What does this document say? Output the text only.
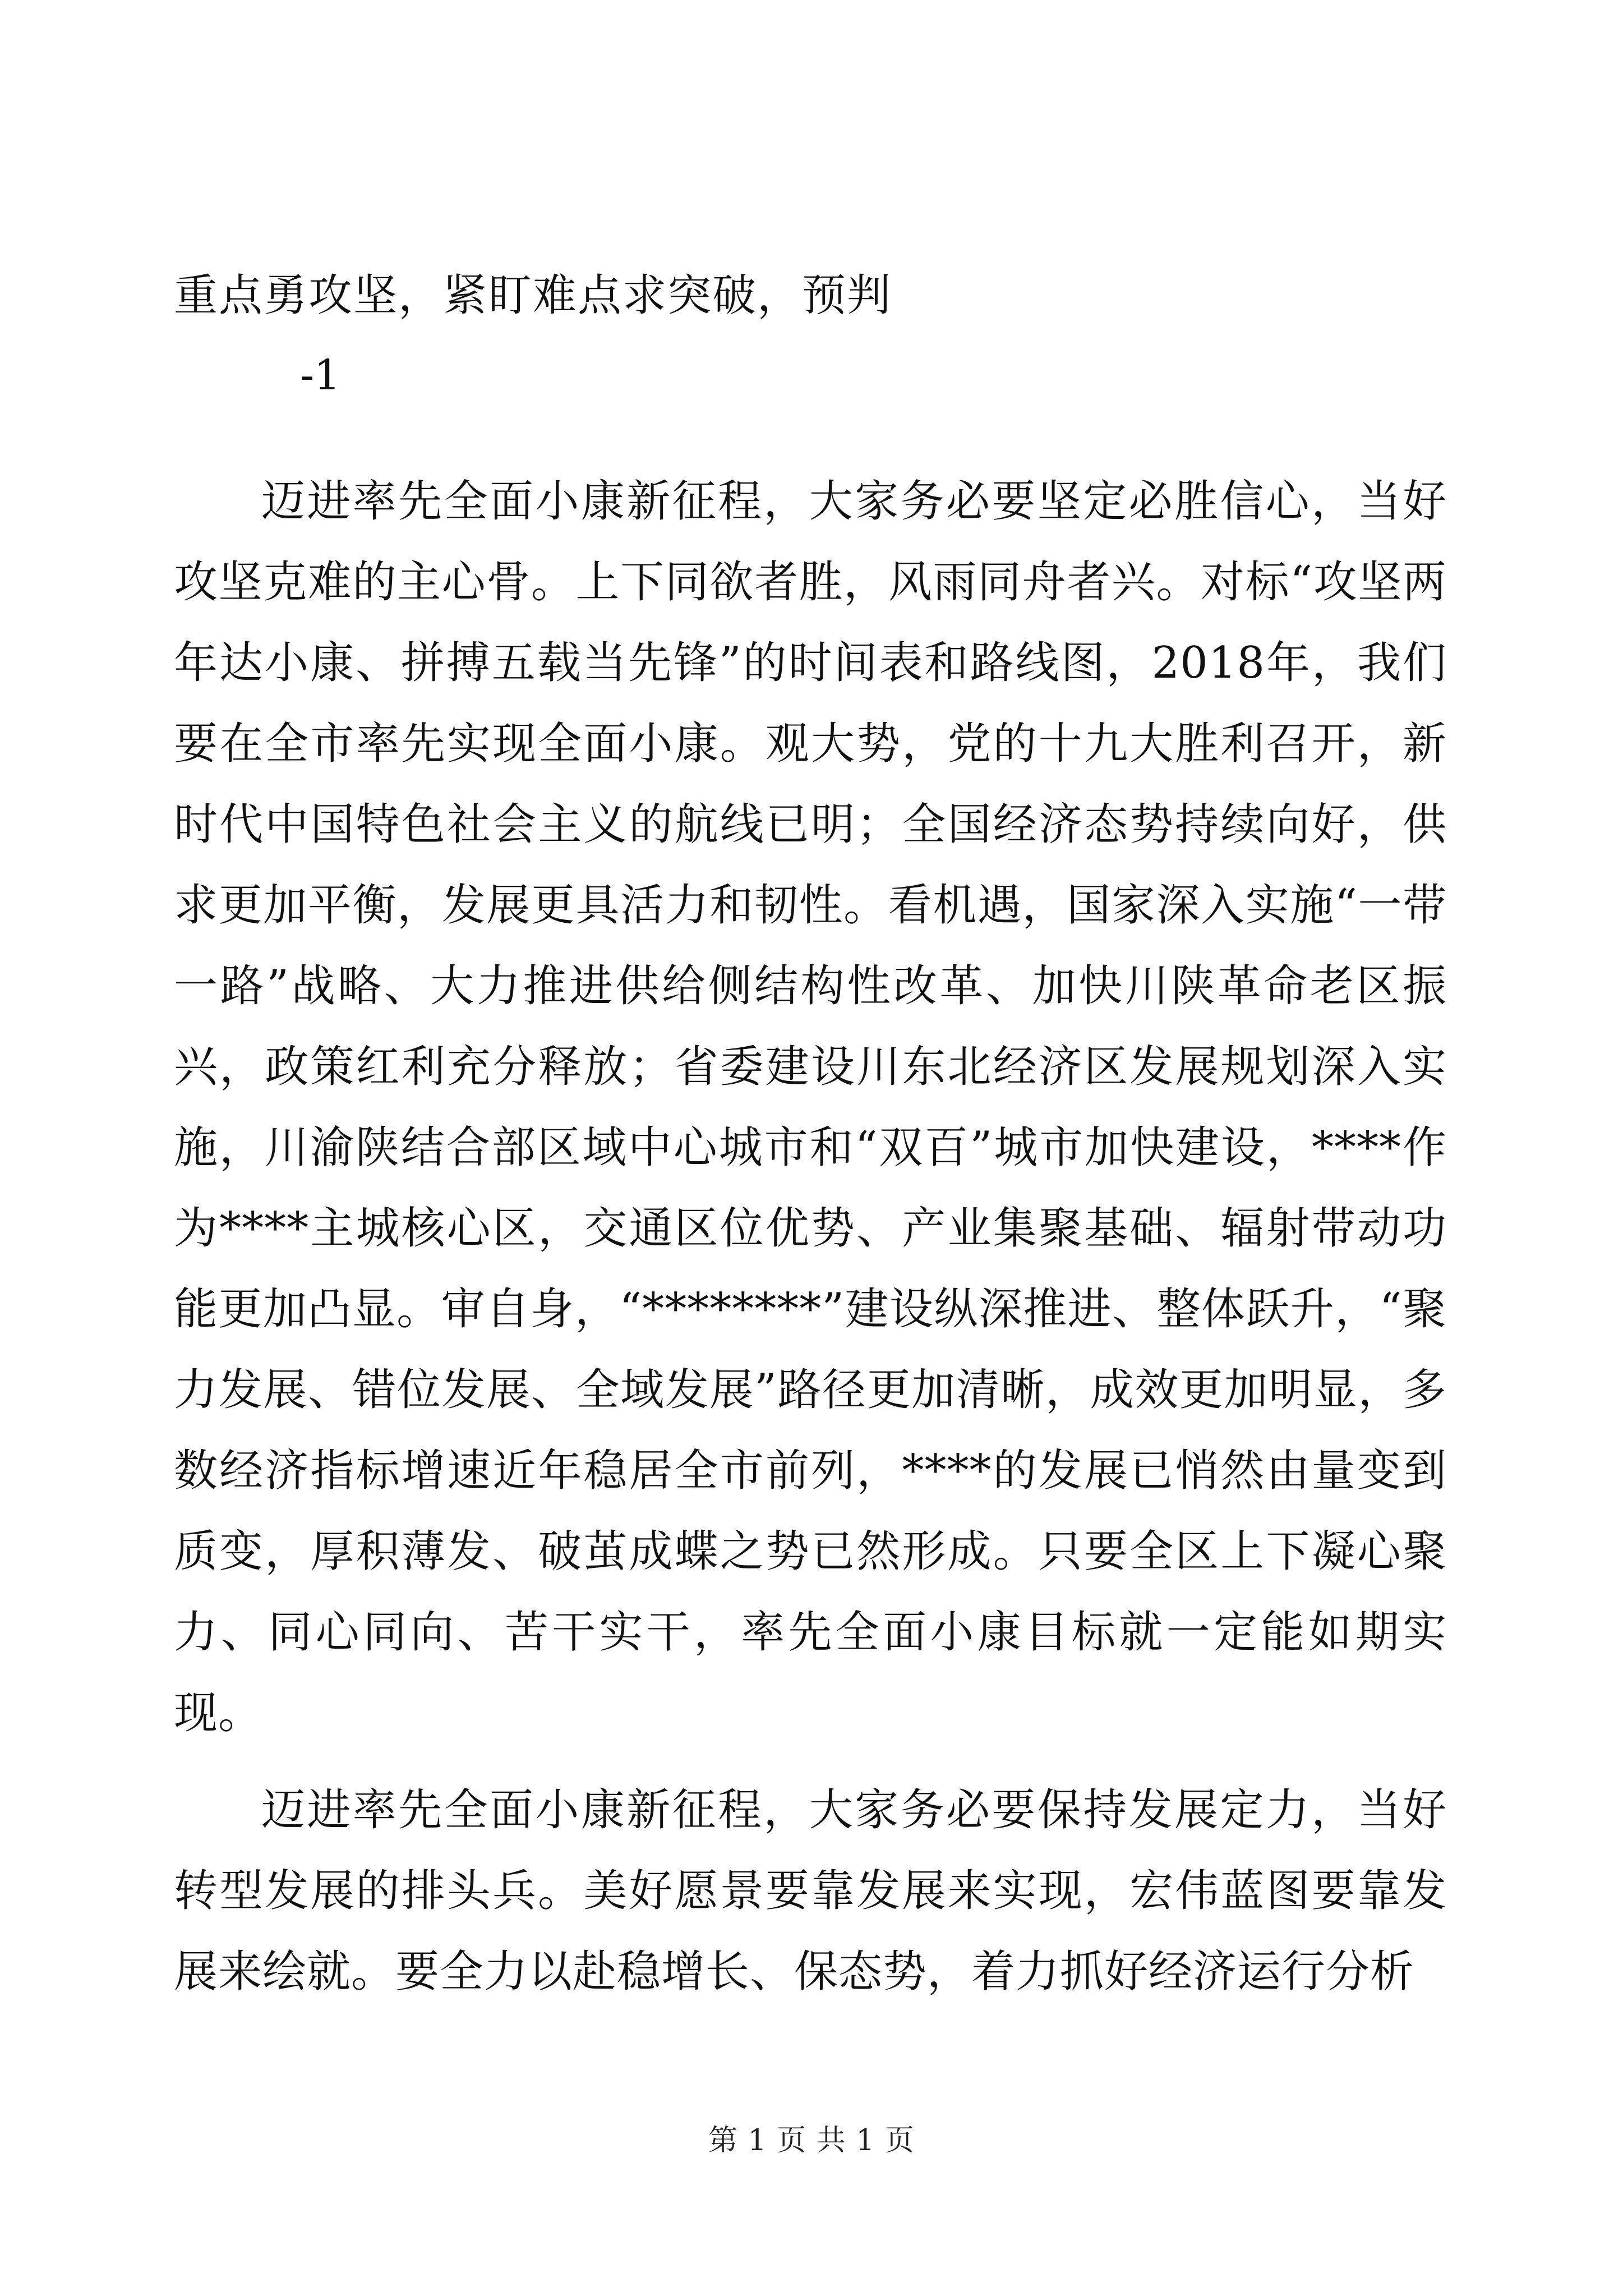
重点勇攻坚，紧盯难点求突破，预判
-1

迈进率先全面小康新征程，大家务必要坚定必胜信心，当好攻坚克难的主心骨。上下同欲者胜，风雨同舟者兴。对标“攻坚两年达小康、拼搏五载当先锋”的时间表和路线图，2018年，我们要在全市率先实现全面小康。观大势，党的十九大胜利召开，新时代中国特色社会主义的航线已明；全国经济态势持续向好，供求更加平衡，发展更具活力和韧性。看机遇，国家深入实施“一带一路”战略、大力推进供给侧结构性改革、加快川陕革命老区振兴，政策红利充分释放；省委建设川东北经济区发展规划深入实施，川渝陕结合部区域中心城市和“双百”城市加快建设，****作为****主城核心区，交通区位优势、产业集聚基础、辐射带动功能更加凸显。审自身，“********”建设纵深推进、整体跃升，“聚力发展、错位发展、全域发展”路径更加清晰，成效更加明显，多数经济指标增速近年稳居全市前列，****的发展已悄然由量变到质变，厚积薄发、破茧成蝶之势已然形成。只要全区上下凝心聚力、同心同向、苦干实干，率先全面小康目标就一定能如期实现。

迈进率先全面小康新征程，大家务必要保持发展定力，当好转型发展的排头兵。美好愿景要靠发展来实现，宏伟蓝图要靠发展来绘就。要全力以赴稳增长、保态势，着力抓好经济运行分析

第 1 页 共 1 页
